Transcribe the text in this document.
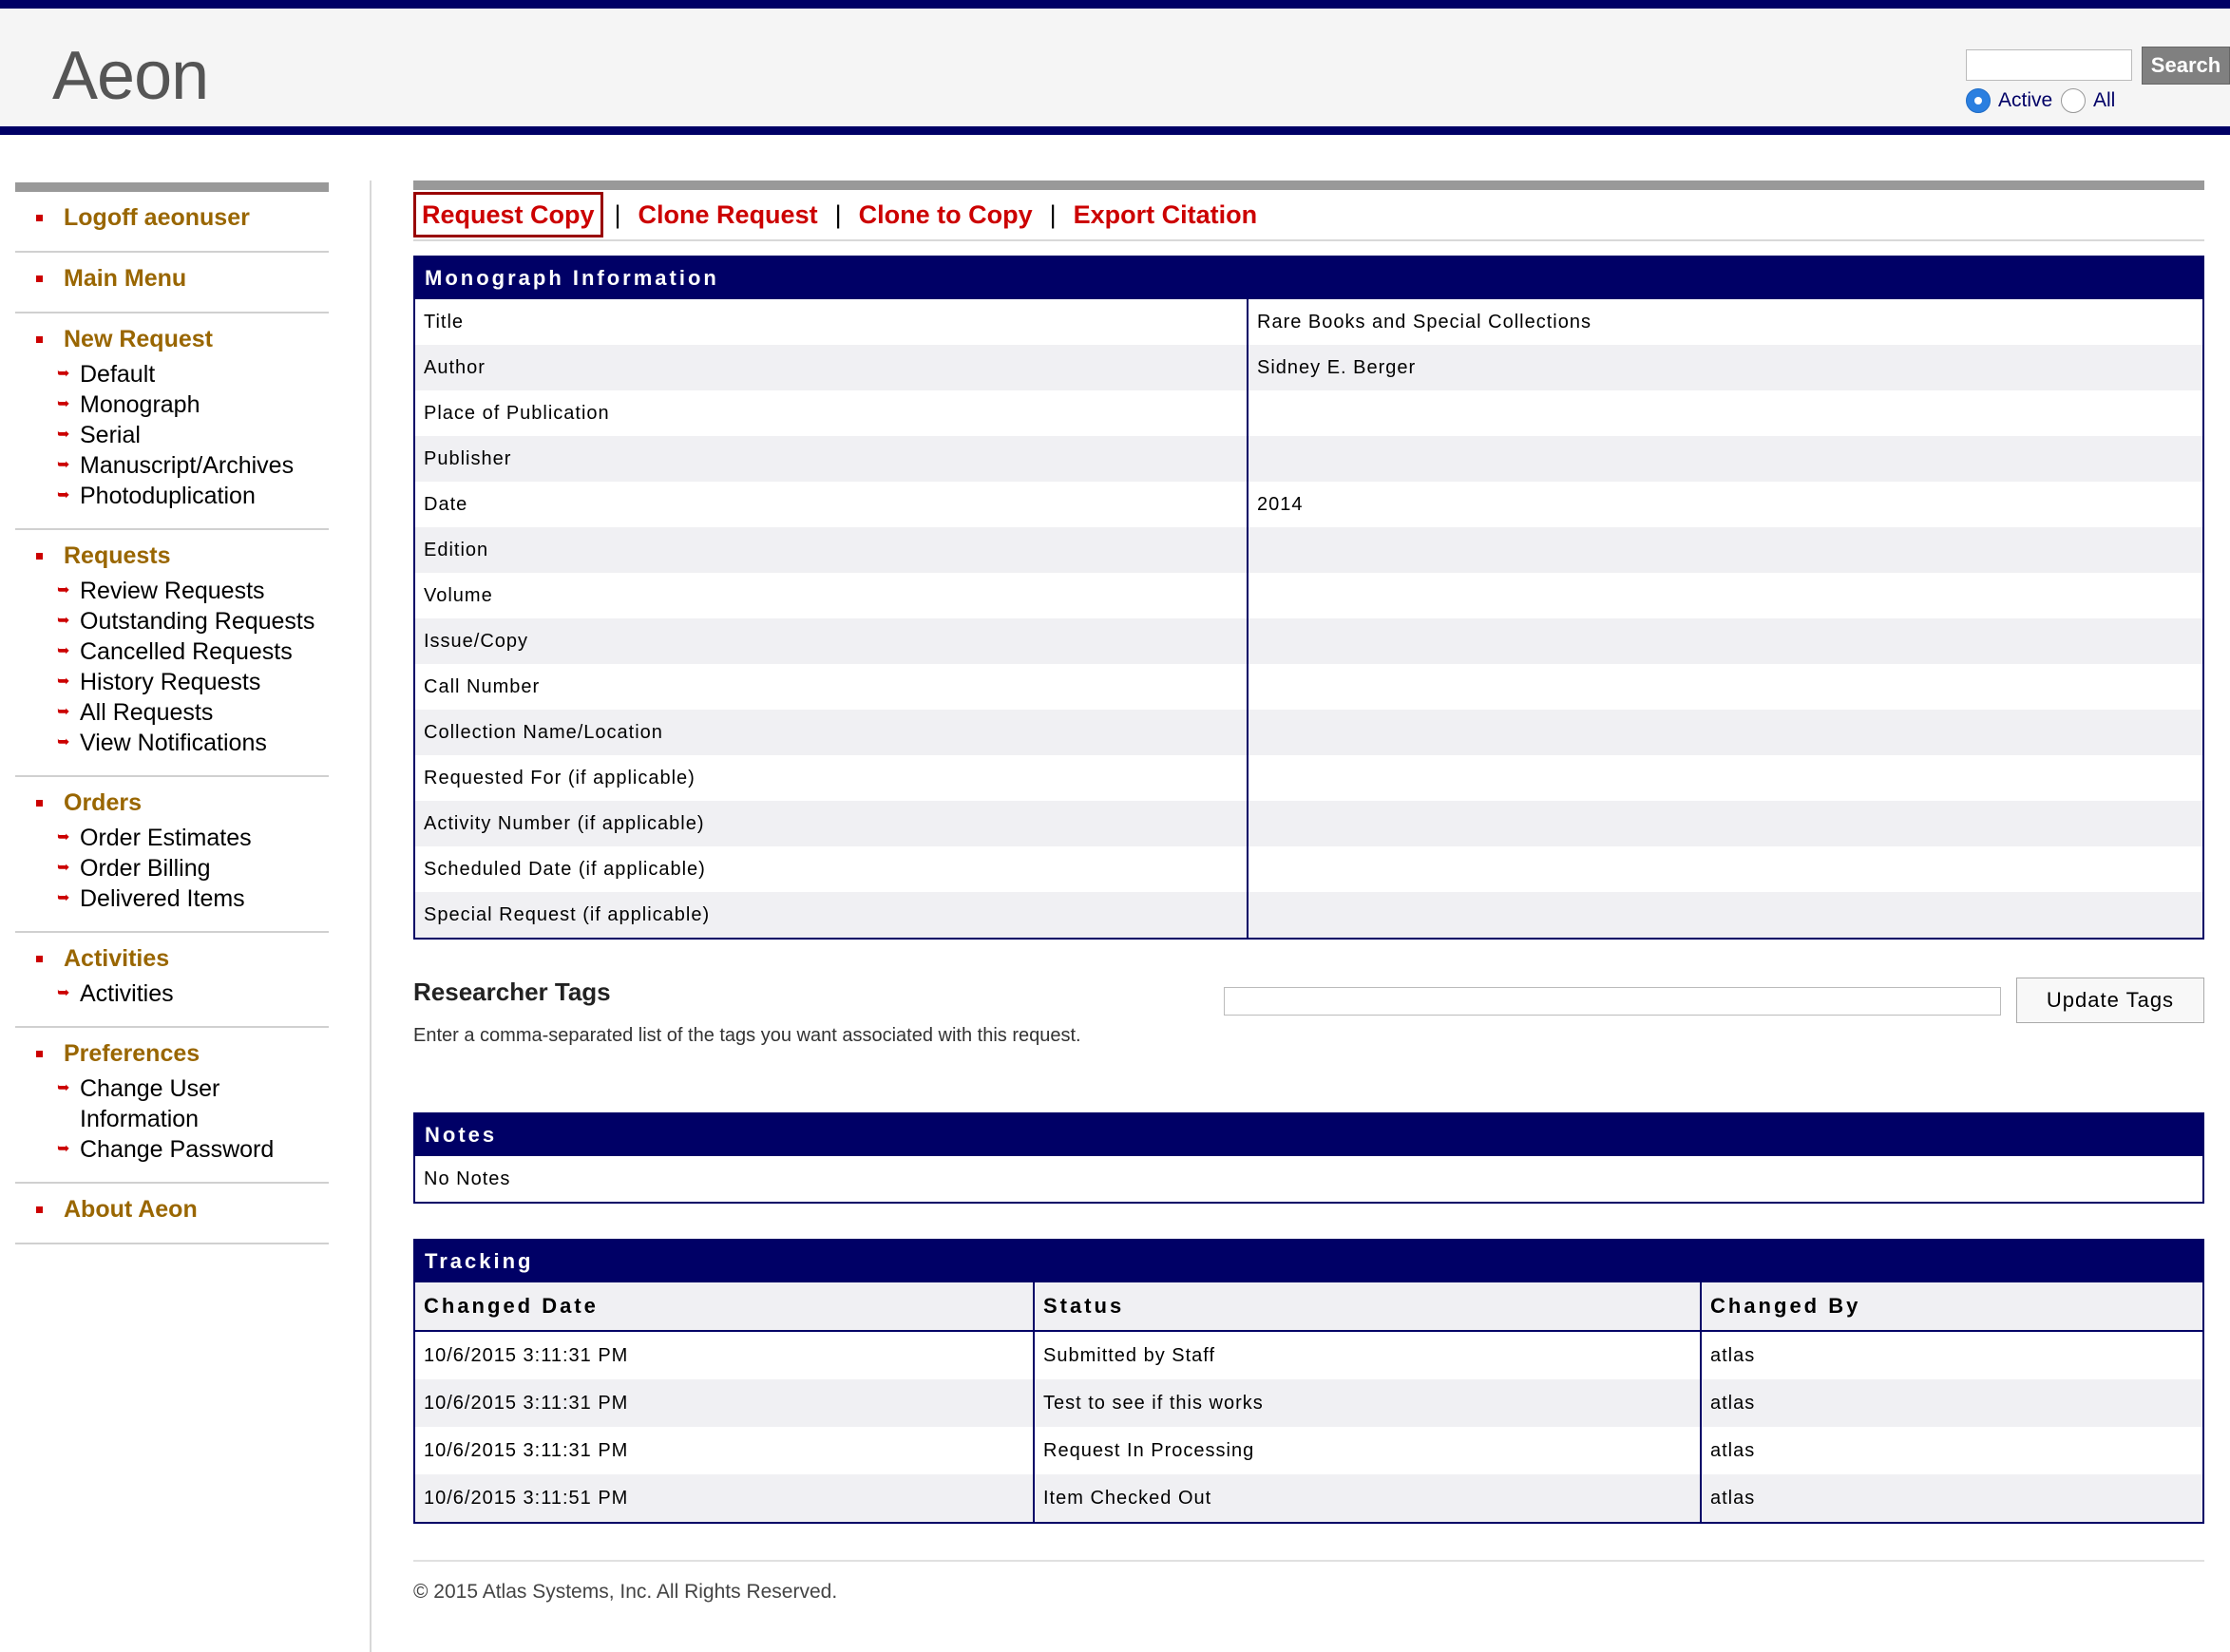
Aeon	Search
Active All
Logoff aeonuser
Main Menu
New Request
➥ Default
➥ Monograph
➥ Serial
➥ Manuscript/Archives
➥ Photoduplication
Requests
➥ Review Requests
➥ Outstanding Requests
➥ Cancelled Requests
➥ History Requests
➥ All Requests
➥ View Notifications
Orders
➥ Order Estimates
➥ Order Billing
➥ Delivered Items
Activities
➥ Activities
Preferences
➥ Change User Information
➥ Change Password
About Aeon
Request Copy | Clone Request | Clone to Copy | Export Citation
Monograph Information
Title	Rare Books and Special Collections
Author	Sidney E. Berger
Place of Publication	
Publisher	
Date	2014
Edition	
Volume	
Issue/Copy	
Call Number	
Collection Name/Location	
Requested For (if applicable)	
Activity Number (if applicable)	
Scheduled Date (if applicable)	
Special Request (if applicable)	
Researcher Tags
Enter a comma-separated list of the tags you want associated with this request.
Update Tags
Notes
No Notes
Tracking
Changed Date	Status	Changed By
10/6/2015 3:11:31 PM	Submitted by Staff	atlas
10/6/2015 3:11:31 PM	Test to see if this works	atlas
10/6/2015 3:11:31 PM	Request In Processing	atlas
10/6/2015 3:11:51 PM	Item Checked Out	atlas
© 2015 Atlas Systems, Inc. All Rights Reserved.
